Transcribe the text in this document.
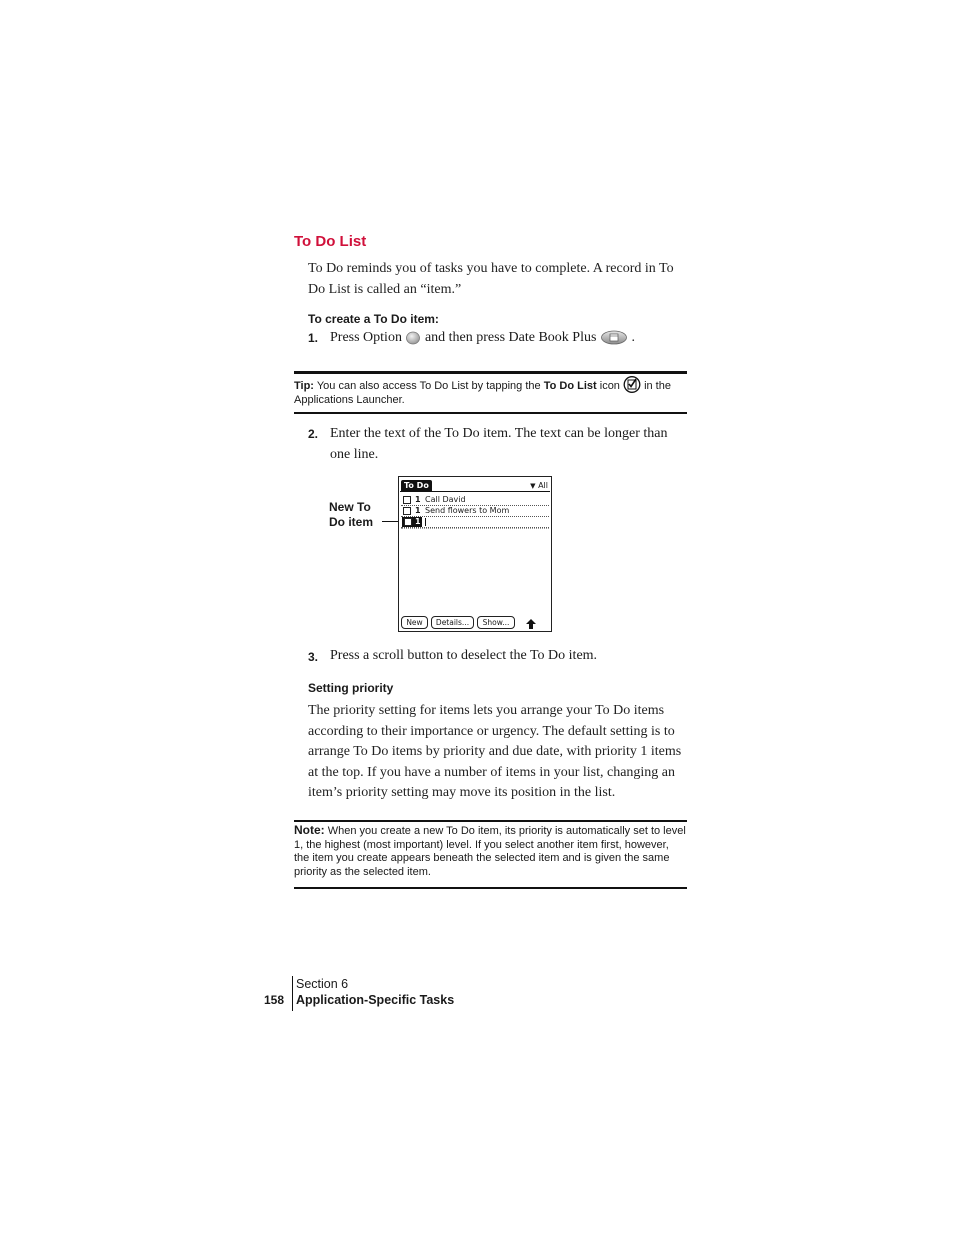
To Do List
To Do reminds you of tasks you have to complete. A record in To Do List is called an “item.”
To create a To Do item:
1. Press Option and then press Date Book Plus	.
Tip: You can also access To Do List by tapping the To Do List icon in the Applications Launcher.
2. Enter the text of the To Do item. The text can be longer than one line.
New To
Do item
To Do	▼ All
1 Call David
1 Send flowers to Mom
1
New	Details...	Show...
3. Press a scroll button to deselect the To Do item.
Setting priority
The priority setting for items lets you arrange your To Do items according to their importance or urgency. The default setting is to arrange To Do items by priority and due date, with priority 1 items at the top. If you have a number of items in your list, changing an item’s priority setting may move its position in the list.
Note: When you create a new To Do item, its priority is automatically set to level 1, the highest (most important) level. If you select another item first, however, the item you create appears beneath the selected item and is given the same priority as the selected item.
158
Section 6
Application-Specific Tasks
